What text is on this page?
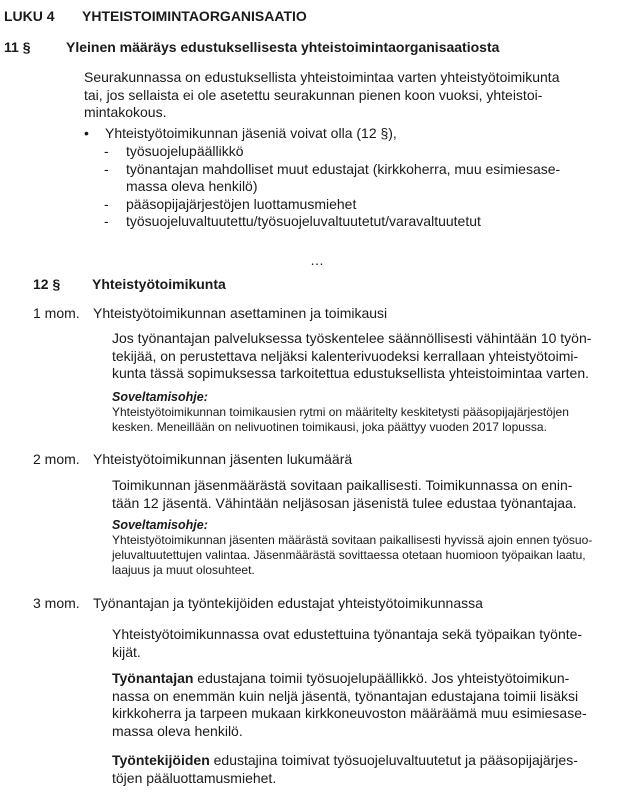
LUKU 4 YHTEISTOIMINTAORGANISAATIO
11 §	Yleinen määräys edustuksellisesta yhteistoimintaorganisaatiosta
Seurakunnassa on edustuksellista yhteistoimintaa varten yhteistyötoimikunta
tai, jos sellaista ei ole asetettu seurakunnan pienen koon vuoksi, yhteistoi-
mintakokous.
• Yhteistyötoimikunnan jäseniä voivat olla (12 §),
- työsuojelupäällikkö
- työnantajan mahdolliset muut edustajat (kirkkoherra, muu esimiesase-
massa oleva henkilö)
- pääsopijajärjestöjen luottamusmiehet
- työsuojeluvaltuutettu/työsuojeluvaltuutetut/varavaltuutetut
…
12 § Yhteistyötoimikunta
1 mom. Yhteistyötoimikunnan asettaminen ja toimikausi
Jos työnantajan palveluksessa työskentelee säännöllisesti vähintään 10 työn-
tekijää, on perustettava neljäksi kalenterivuodeksi kerrallaan yhteistyötoimi-
kunta tässä sopimuksessa tarkoitettua edustuksellista yhteistoimintaa varten.
Soveltamisohje:
Yhteistyötoimikunnan toimikausien rytmi on määritelty keskitetysti pääsopijajärjestöjen
kesken. Meneillään on nelivuotinen toimikausi, joka päättyy vuoden 2017 lopussa.
2 mom. Yhteistyötoimikunnan jäsenten lukumäärä
Toimikunnan jäsenmäärästä sovitaan paikallisesti. Toimikunnassa on enin-
tään 12 jäsentä. Vähintään neljäsosan jäsenistä tulee edustaa työnantajaa.
Soveltamisohje:
Yhteistyötoimikunnan jäsenten määrästä sovitaan paikallisesti hyvissä ajoin ennen työsuo-
jeluvaltuutettujen valintaa. Jäsenmäärästä sovittaessa otetaan huomioon työpaikan laatu,
laajuus ja muut olosuhteet.
3 mom. Työnantajan ja työntekijöiden edustajat yhteistyötoimikunnassa
Yhteistyötoimikunnassa ovat edustettuina työnantaja sekä työpaikan työnte-
kijät.
Työnantajan edustajana toimii työsuojelupäällikkö. Jos yhteistyötoimikun-
nassa on enemmän kuin neljä jäsentä, työnantajan edustajana toimii lisäksi
kirkkoherra ja tarpeen mukaan kirkkoneuvoston määräämä muu esimiesase-
massa oleva henkilö.
Työntekijöiden edustajina toimivat työsuojeluvaltuutetut ja pääsopijajärjes-
töjen pääluottamusmiehet.
